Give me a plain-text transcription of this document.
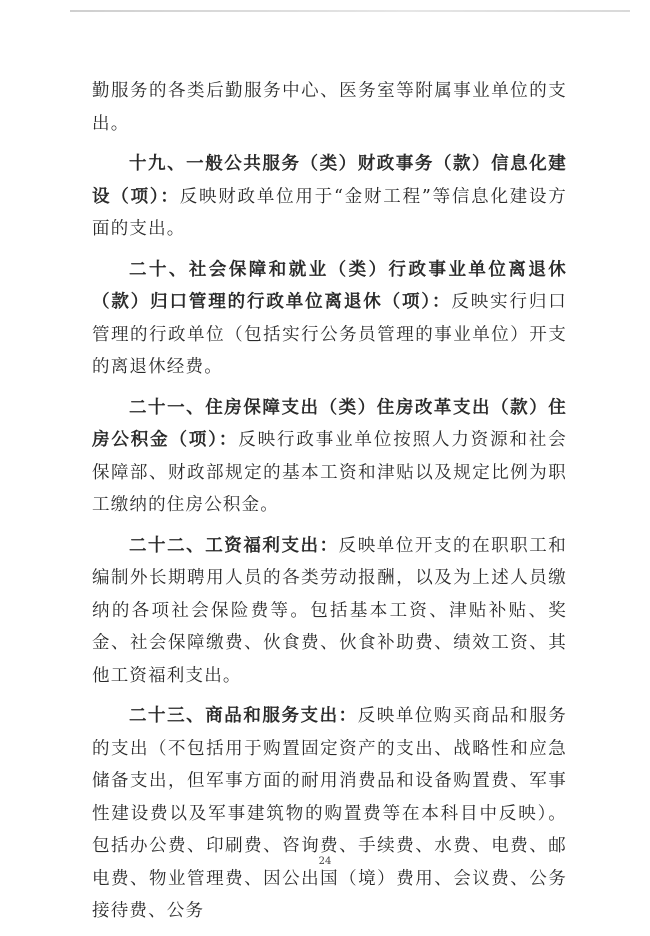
勤服务的各类后勤服务中心、医务室等附属事业单位的支出。

十九、一般公共服务（类）财政事务（款）信息化建设（项）：反映财政单位用于“金财工程”等信息化建设方面的支出。

二十、社会保障和就业（类）行政事业单位离退休（款）归口管理的行政单位离退休（项）：反映实行归口管理的行政单位（包括实行公务员管理的事业单位）开支的离退休经费。

二十一、住房保障支出（类）住房改革支出（款）住房公积金（项）：反映行政事业单位按照人力资源和社会保障部、财政部规定的基本工资和津贴以及规定比例为职工缴纳的住房公积金。

二十二、工资福利支出：反映单位开支的在职职工和编制外长期聘用人员的各类劳动报酬，以及为上述人员缴纳的各项社会保险费等。包括基本工资、津贴补贴、奖金、社会保障缴费、伙食费、伙食补助费、绩效工资、其他工资福利支出。

二十三、商品和服务支出：反映单位购买商品和服务的支出（不包括用于购置固定资产的支出、战略性和应急储备支出，但军事方面的耐用消费品和设备购置费、军事性建设费以及军事建筑物的购置费等在本科目中反映）。包括办公费、印刷费、咨询费、手续费、水费、电费、邮电费、物业管理费、因公出国（境）费用、会议费、公务接待费、公务

24
